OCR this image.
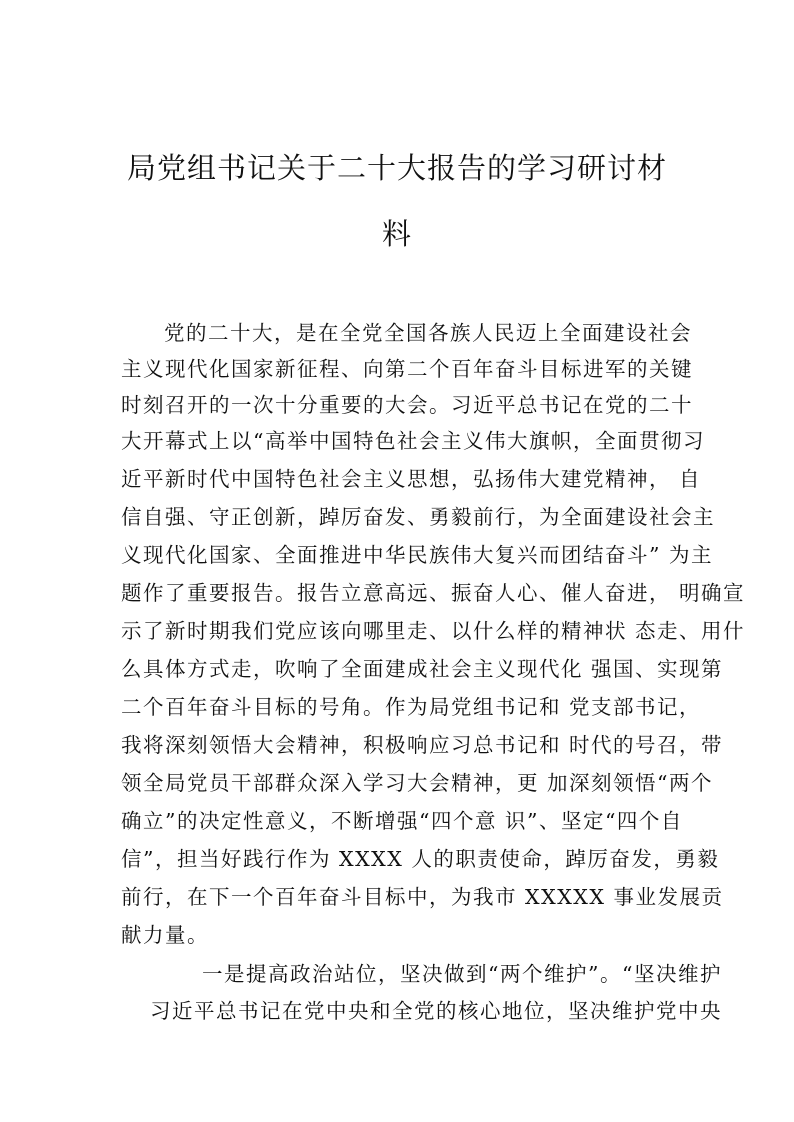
局党组书记关于二十大报告的学习研讨材
料
党的二十大，是在全党全国各族人民迈上全面建设社会
主义现代化国家新征程、向第二个百年奋斗目标进军的关键
时刻召开的一次十分重要的大会。习近平总书记在党的二十
大开幕式上以“高举中国特色社会主义伟大旗帜，全面贯彻习
近平新时代中国特色社会主义思想，弘扬伟大建党精神， 自
信自强、守正创新，踔厉奋发、勇毅前行，为全面建设社会主
义现代化国家、全面推进中华民族伟大复兴而团结奋斗” 为主
题作了重要报告。报告立意高远、振奋人心、催人奋进， 明确宣
示了新时期我们党应该向哪里走、以什么样的精神状 态走、用什
么具体方式走，吹响了全面建成社会主义现代化 强国、实现第
二个百年奋斗目标的号角。作为局党组书记和 党支部书记，
我将深刻领悟大会精神，积极响应习总书记和 时代的号召，带
领全局党员干部群众深入学习大会精神，更 加深刻领悟“两个
确立”的决定性意义，不断增强“四个意 识”、坚定“四个自
信”，担当好践行作为 XXXX 人的职责使命，踔厉奋发，勇毅
前行，在下一个百年奋斗目标中，为我市 XXXXX 事业发展贡
献力量。
一是提高政治站位，坚决做到“两个维护”。“坚决维护
习近平总书记在党中央和全党的核心地位，坚决维护党中央
